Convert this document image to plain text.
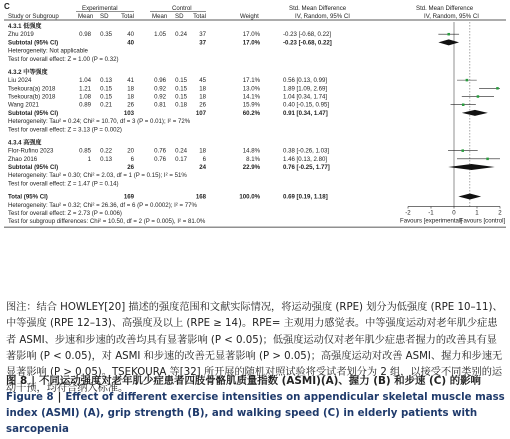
C	Experimental	Control	Std. Mean Difference	Std. Mean Difference
Study or Subgroup	Mean SD Total	Mean SD Total	Weight	IV, Random, 95% CI	IV, Random, 95% CI
4.3.1 低强度
Zhu 2019	0.98 0.35 40	1.05 0.24 37	17.0%	-0.23 [-0.68, 0.22]
Subtotal (95% CI)	40	37	17.0%	-0.23 [-0.68, 0.22]
Heterogeneity: Not applicable
Test for overall effect: Z = 1.00 (P = 0.32)
4.3.2 中等强度
Liu 2024	1.04 0.13 41	0.96 0.15 45	17.1%	0.56 [0.13, 0.99]
Tsekoura(a) 2018	1.21 0.15 18	0.92 0.15 18	13.0%	1.89 [1.09, 2.69]
Tsekoura(b) 2018	1.08 0.15 18	0.92 0.15 18	14.1%	1.04 [0.34, 1.74]
Wang 2021	0.89 0.21 26	0.81 0.18 26	15.9%	0.40 [-0.15, 0.95]
Subtotal (95% CI)	103	107	60.2%	0.91 [0.34, 1.47]
Heterogeneity: Tau² = 0.24; Chi² = 10.70, df = 3 (P = 0.01); I² = 72%
Test for overall effect: Z = 3.13 (P = 0.002)
4.3.4 高强度
Flor-Rufino 2023	0.85 0.22 20	0.76 0.24 18	14.8%	0.38 [-0.26, 1.03]
Zhao 2016	1 0.13	6	0.76 0.17	6	8.1%	1.46 [0.13, 2.80]
Subtotal (95% CI)	26	24	22.9%	0.76 [-0.25, 1.77]
Heterogeneity: Tau² = 0.30; Chi² = 2.03, df = 1 (P = 0.15); I² = 51%
Test for overall effect: Z = 1.47 (P = 0.14)
Total (95% CI)	169	168	100.0%	0.69 [0.19, 1.18]
Heterogeneity: Tau² = 0.32; Chi² = 26.36, df = 6 (P = 0.0002); I² = 77%
Test for overall effect: Z = 2.73 (P = 0.006)
Test for subgroup differences: Chi² = 10.50, df = 2 (P = 0.005), I² = 81.0%
-2	-1	0	1	2
Favours [experimental]
Favours [control]
图注：结合 HOWLEY[20] 描述的强度范围和文献实际情况，将运动强度 (RPE) 划分为低强度 (RPE 10–11)、中等强度 (RPE 12–13)、高强度及以上 (RPE ≥ 14)。RPE= 主观用力感觉表。中等强度运动对老年肌少症患者 ASMI、步速和步速的改善均具有显著影响 (P < 0.05)；低强度运动仅对老年肌少症患者握力的改善具有显著影响 (P < 0.05)，对 ASMI 和步速的改善无显著影响 (P > 0.05)；高强度运动对改善 ASMI、握力和步速无显著影响 (P > 0.05)。TSEKOURA 等[32] 所开展的随机对照试验将受试者划分为 2 组，以接受不同类别的运动干预，均符合纳入标准。
图 8 | 不同运动强度对老年肌少症患者四肢骨骼肌质量指数 (ASMI)(A)、握力 (B) 和步速 (C) 的影响
Figure 8 | Effect of different exercise intensities on appendicular skeletal muscle mass index (ASMI) (A), grip strength (B), and walking speed (C) in elderly patients with sarcopenia
